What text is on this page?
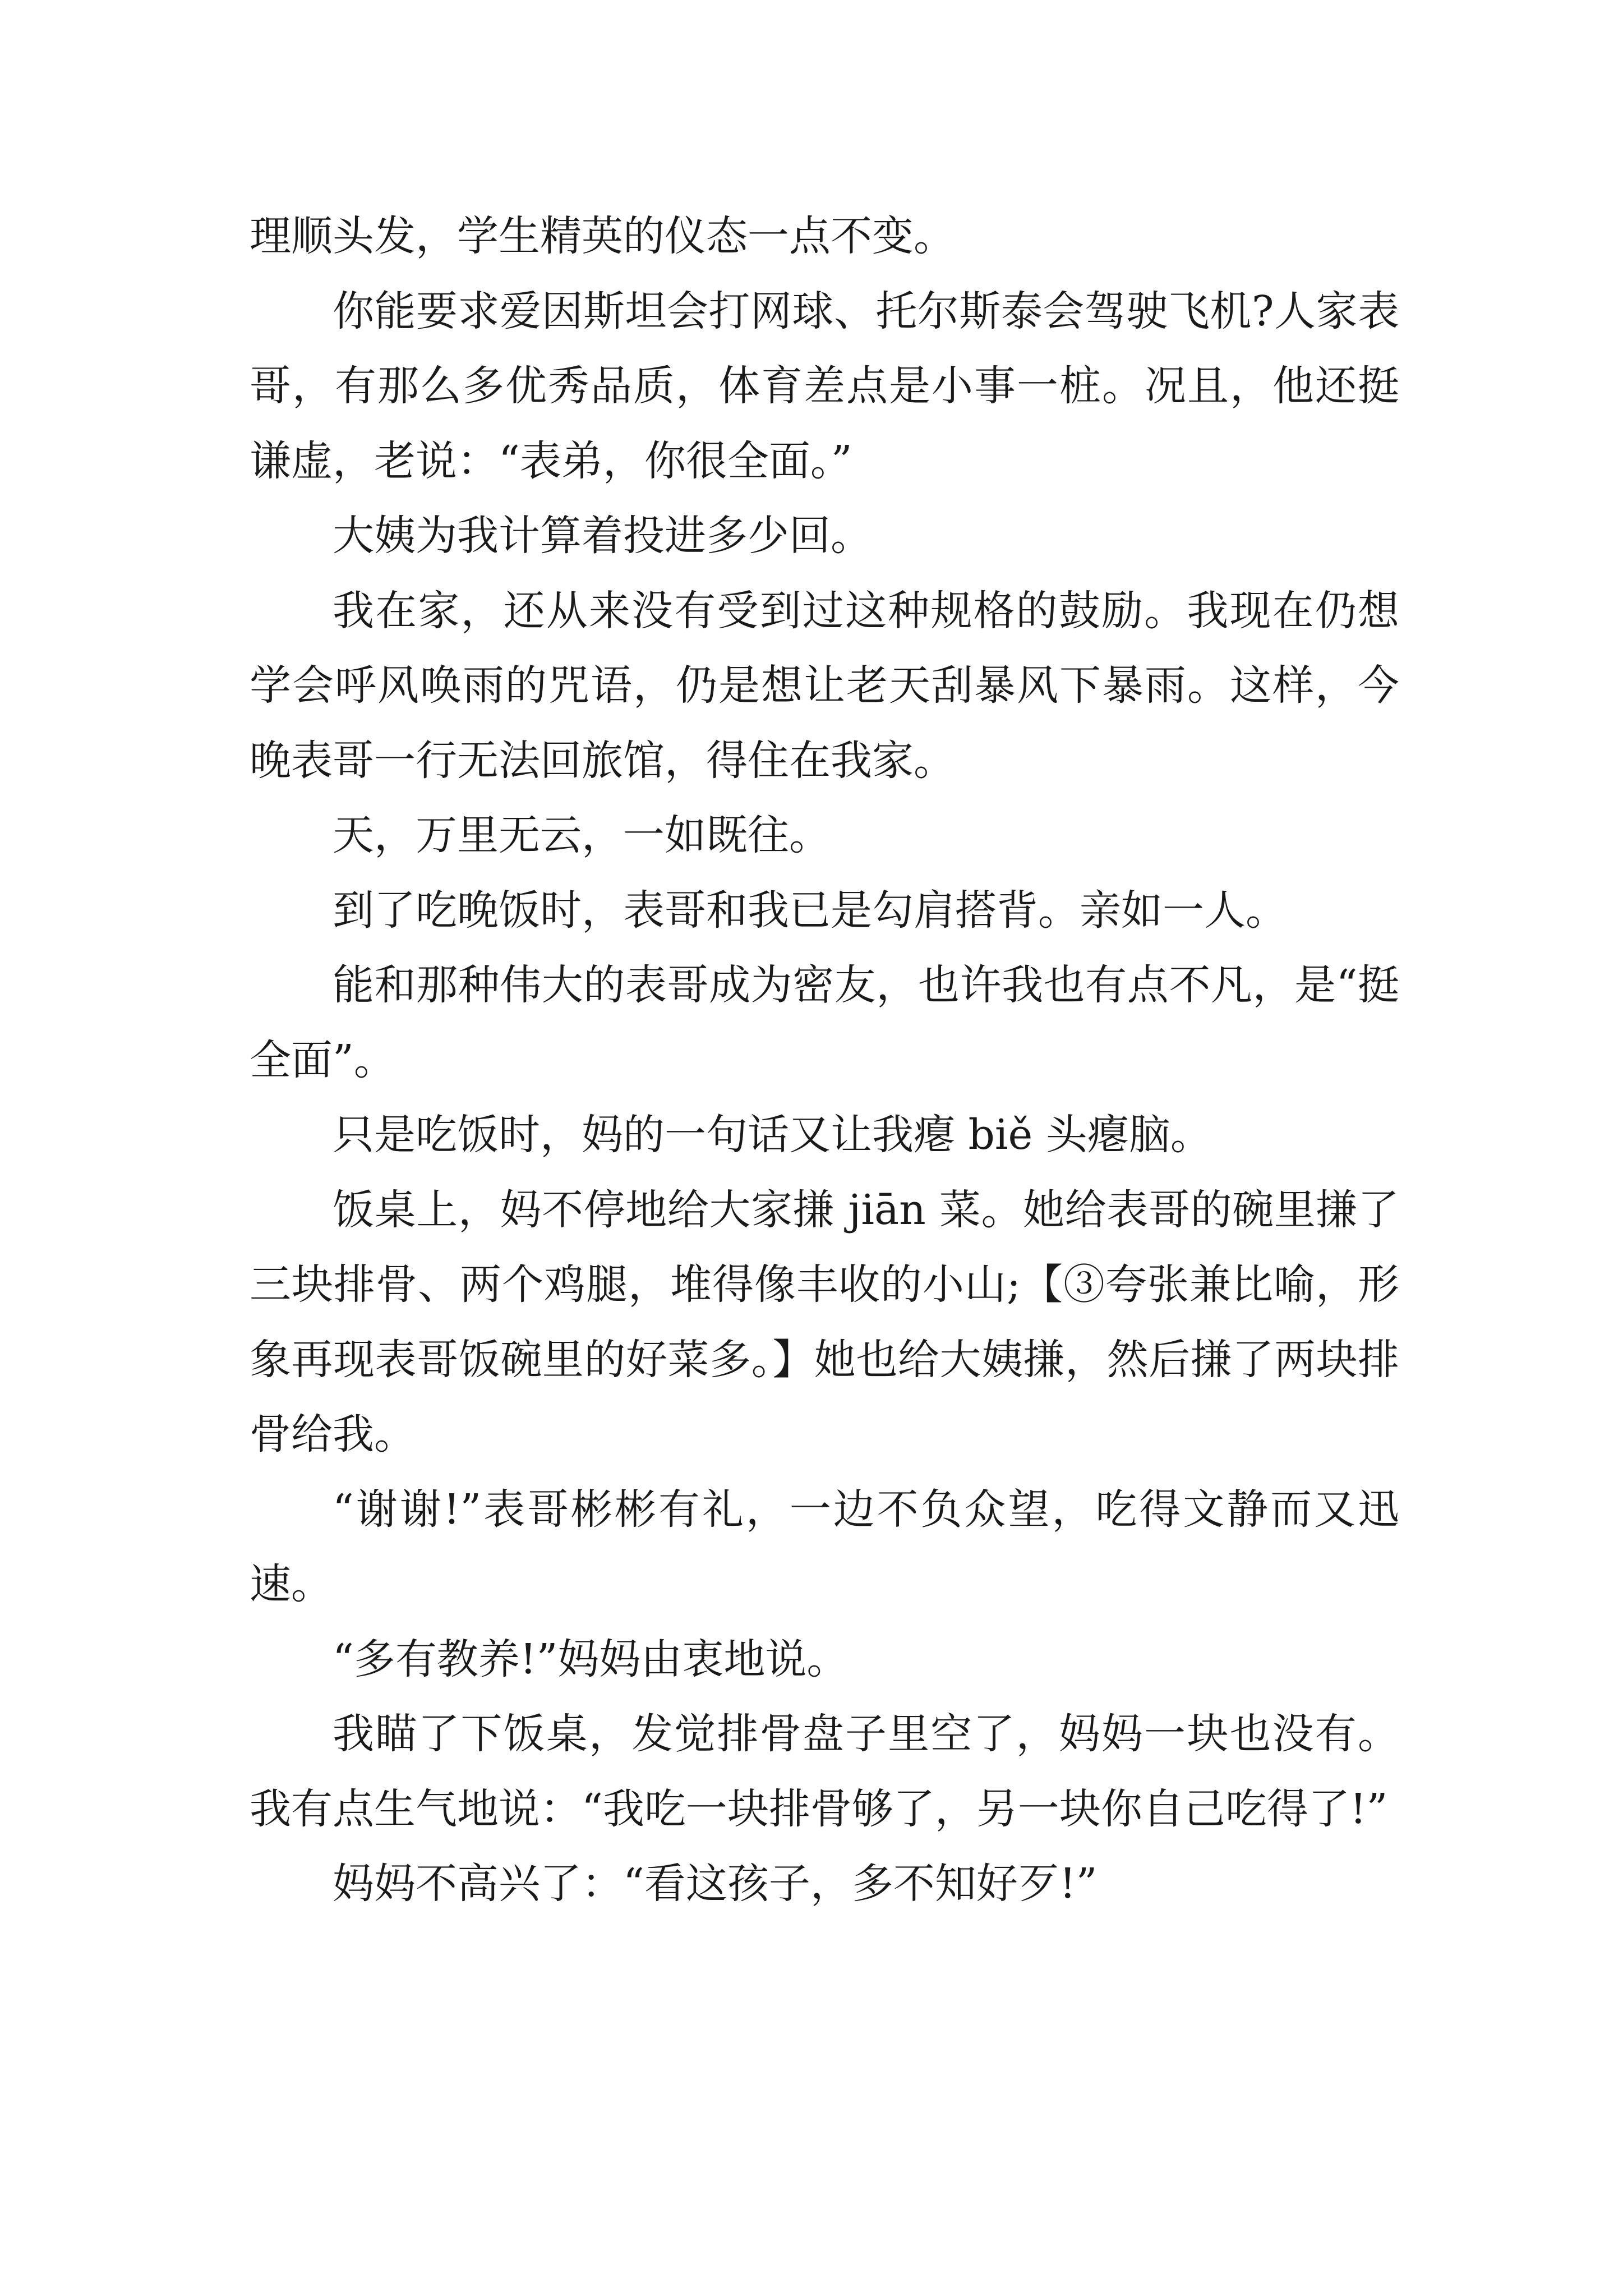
理顺头发，学生精英的仪态一点不变。

你能要求爱因斯坦会打网球、托尔斯泰会驾驶飞机?人家表哥，有那么多优秀品质，体育差点是小事一桩。况且，他还挺谦虚，老说：“表弟，你很全面。”

大姨为我计算着投进多少回。

我在家，还从来没有受到过这种规格的鼓励。我现在仍想学会呼风唤雨的咒语，仍是想让老天刮暴风下暴雨。这样，今晚表哥一行无法回旅馆，得住在我家。

天，万里无云，一如既往。

到了吃晚饭时，表哥和我已是勾肩搭背。亲如一人。

能和那种伟大的表哥成为密友，也许我也有点不凡，是“挺全面”。

只是吃饭时，妈的一句话又让我瘪 biě 头瘪脑。

饭桌上，妈不停地给大家搛 jiān 菜。她给表哥的碗里搛了三块排骨、两个鸡腿，堆得像丰收的小山;【③夸张兼比喻，形象再现表哥饭碗里的好菜多。】她也给大姨搛，然后搛了两块排骨给我。

“谢谢!”表哥彬彬有礼，一边不负众望，吃得文静而又迅速。

“多有教养!”妈妈由衷地说。

我瞄了下饭桌，发觉排骨盘子里空了，妈妈一块也没有。我有点生气地说：“我吃一块排骨够了，另一块你自己吃得了!”

妈妈不高兴了：“看这孩子，多不知好歹!”
